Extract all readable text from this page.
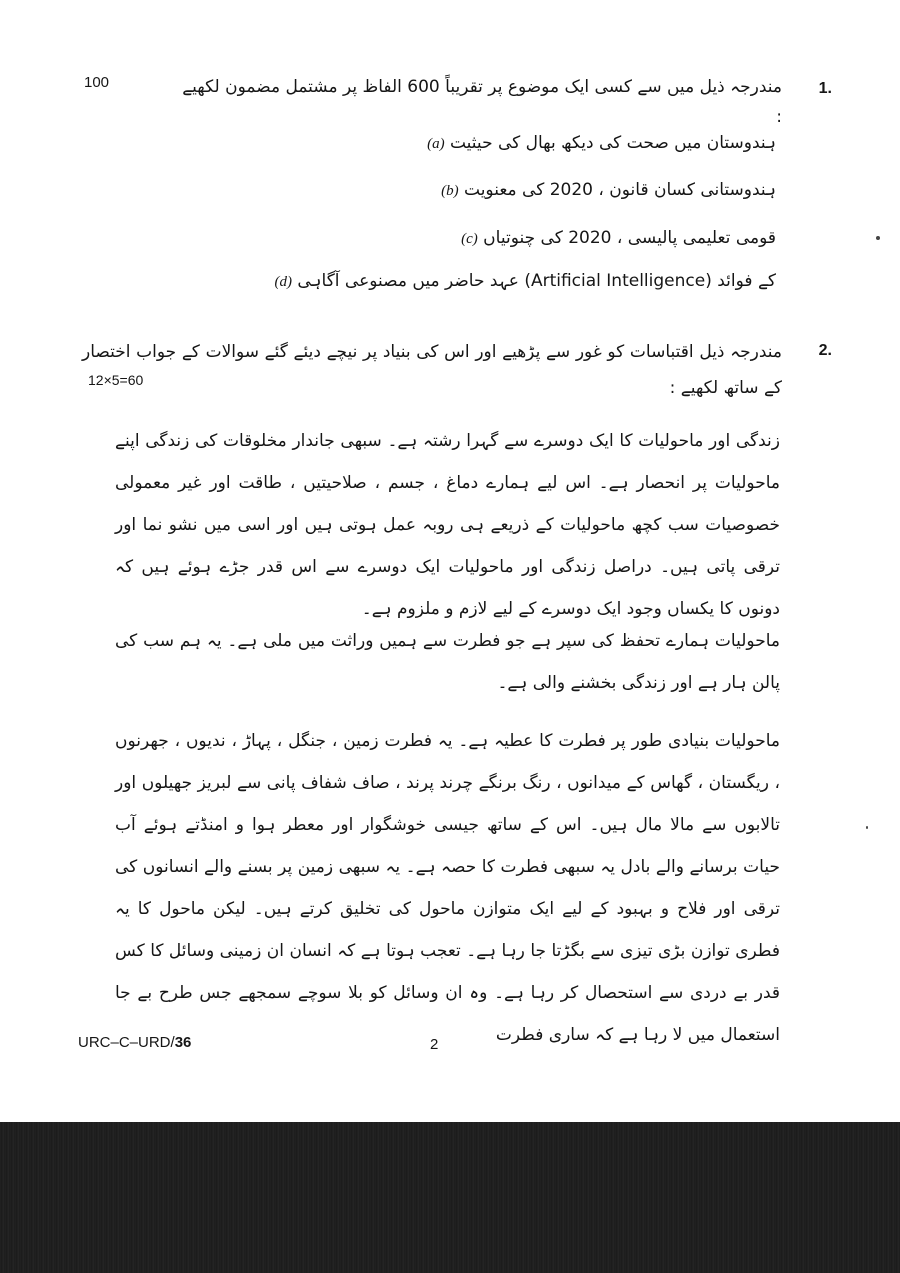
100	1.
مندرجہ ذیل میں سے کسی ایک موضوع پر تقریباً 600 الفاظ پر مشتمل مضمون لکھیے :
(a) ہندوستان میں صحت کی دیکھ بھال کی حیثیت
(b) ہندوستانی کسان قانون ، 2020 کی معنویت
(c) قومی تعلیمی پالیسی ، 2020 کی چنوتیاں
(d) عہد حاضر میں مصنوعی آگاہی (Artificial Intelligence) کے فوائد
2.
مندرجہ ذیل اقتباسات کو غور سے پڑھیے اور اس کی بنیاد پر نیچے دیئے گئے سوالات کے جواب اختصار کے ساتھ لکھیے :
12×5=60
زندگی اور ماحولیات کا ایک دوسرے سے گہرا رشتہ ہے۔ سبھی جاندار مخلوقات کی زندگی اپنے ماحولیات پر انحصار ہے۔ اس لیے ہمارے دماغ ، جسم ، صلاحیتیں ، طاقت اور غیر معمولی خصوصیات سب کچھ ماحولیات کے ذریعے ہی روبہ عمل ہوتی ہیں اور اسی میں نشو نما اور ترقی پاتی ہیں۔ دراصل زندگی اور ماحولیات ایک دوسرے سے اس قدر جڑے ہوئے ہیں کہ دونوں کا یکساں وجود ایک دوسرے کے لیے لازم و ملزوم ہے۔
ماحولیات ہمارے تحفظ کی سپر ہے جو فطرت سے ہمیں وراثت میں ملی ہے۔ یہ ہم سب کی پالن ہار ہے اور زندگی بخشنے والی ہے۔
ماحولیات بنیادی طور پر فطرت کا عطیہ ہے۔ یہ فطرت زمین ، جنگل ، پہاڑ ، ندیوں ، جھرنوں ، ریگستان ، گھاس کے میدانوں ، رنگ برنگے چرند پرند ، صاف شفاف پانی سے لبریز جھیلوں اور تالابوں سے مالا مال ہیں۔ اس کے ساتھ جیسی خوشگوار اور معطر ہوا و امنڈتے ہوئے آب حیات برسانے والے بادل یہ سبھی فطرت کا حصہ ہے۔ یہ سبھی زمین پر بسنے والے انسانوں کی ترقی اور فلاح و بہبود کے لیے ایک متوازن ماحول کی تخلیق کرتے ہیں۔ لیکن ماحول کا یہ فطری توازن بڑی تیزی سے بگڑتا جا رہا ہے۔ تعجب ہوتا ہے کہ انسان ان زمینی وسائل کا کس قدر بے دردی سے استحصال کر رہا ہے۔ وہ ان وسائل کو بلا سوچے سمجھے جس طرح بے جا استعمال میں لا رہا ہے کہ ساری فطرت
URC–C–URD/36	2
